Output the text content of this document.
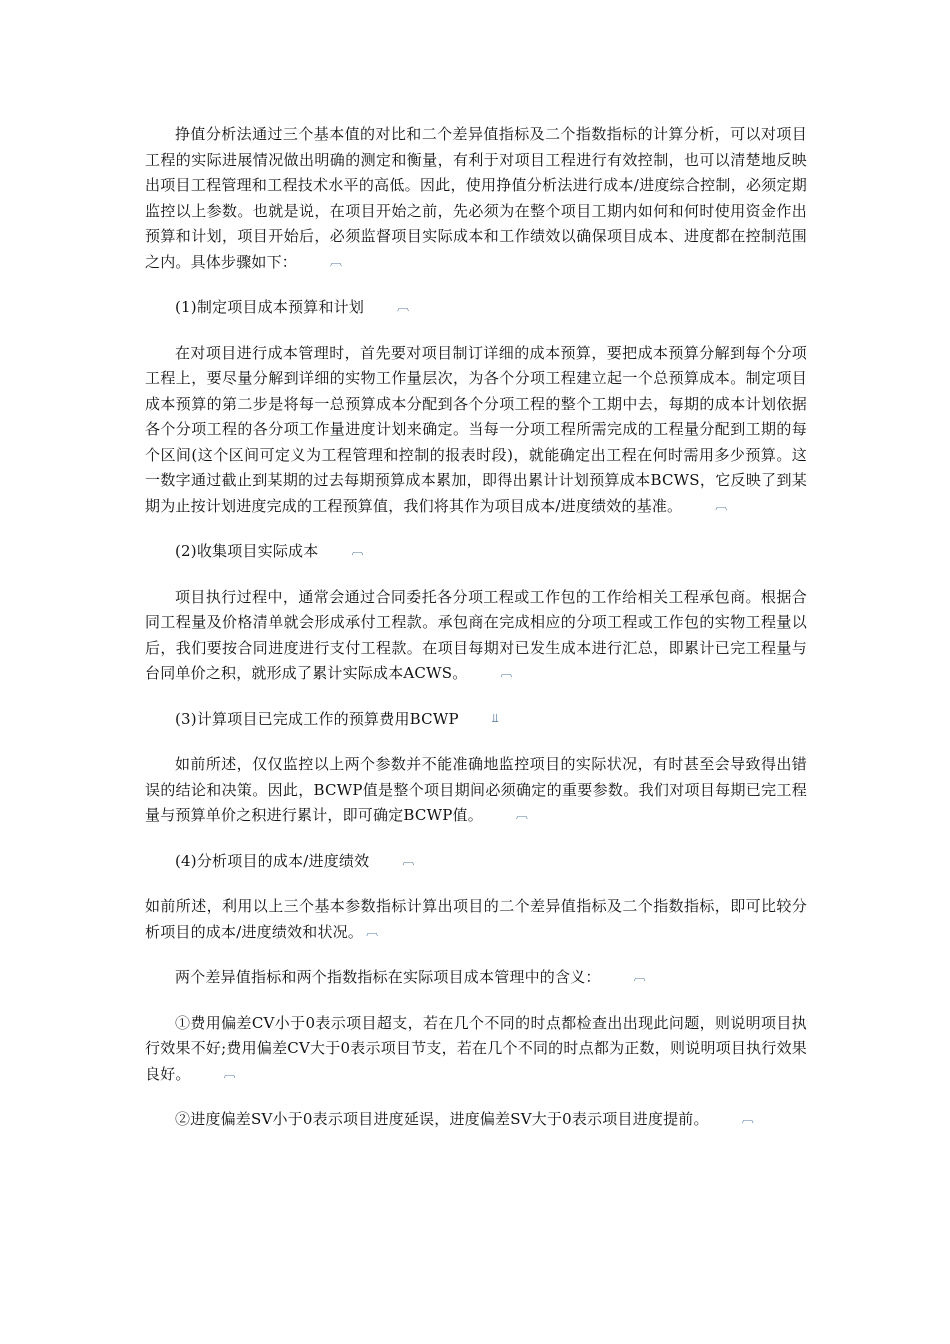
挣值分析法通过三个基本值的对比和二个差异值指标及二个指数指标的计算分析，可以对项目工程的实际进展情况做出明确的测定和衡量，有利于对项目工程进行有效控制，也可以清楚地反映出项目工程管理和工程技术水平的高低。因此，使用挣值分析法进行成本/进度综合控制，必须定期监控以上参数。也就是说，在项目开始之前，先必须为在整个项目工期内如何和何时使用资金作出预算和计划，项目开始后，必须监督项目实际成本和工作绩效以确保项目成本、进度都在控制范围之内。具体步骤如下：	︹

(1)制定项目成本预算和计划	︹

在对项目进行成本管理时，首先要对项目制订详细的成本预算，要把成本预算分解到每个分项工程上，要尽量分解到详细的实物工作量层次，为各个分项工程建立起一个总预算成本。制定项目成本预算的第二步是将每一总预算成本分配到各个分项工程的整个工期中去，每期的成本计划依据各个分项工程的各分项工作量进度计划来确定。当每一分项工程所需完成的工程量分配到工期的每个区间(这个区间可定义为工程管理和控制的报表时段)，就能确定出工程在何时需用多少预算。这一数字通过截止到某期的过去每期预算成本累加，即得出累计计划预算成本BCWS，它反映了到某期为止按计划进度完成的工程预算值，我们将其作为项目成本/进度绩效的基准。	︹

(2)收集项目实际成本	︹

项目执行过程中，通常会通过合同委托各分项工程或工作包的工作给相关工程承包商。根据合同工程量及价格清单就会形成承付工程款。承包商在完成相应的分项工程或工作包的实物工程量以后，我们要按合同进度进行支付工程款。在项目每期对已发生成本进行汇总，即累计已完工程量与台同单价之积，就形成了累计实际成本ACWS。	︹

(3)计算项目已完成工作的预算费用BCWP	⫫

如前所述，仅仅监控以上两个参数并不能准确地监控项目的实际状况，有时甚至会导致得出错误的结论和决策。因此，BCWP值是整个项目期间必须确定的重要参数。我们对项目每期已完工程量与预算单价之积进行累计，即可确定BCWP值。	︹

(4)分析项目的成本/进度绩效	︹

如前所述，利用以上三个基本参数指标计算出项目的二个差异值指标及二个指数指标，即可比较分析项目的成本/进度绩效和状况。 ︹

两个差异值指标和两个指数指标在实际项目成本管理中的含义：	︹

①费用偏差CV小于0表示项目超支，若在几个不同的时点都检查出出现此问题，则说明项目执行效果不好;费用偏差CV大于0表示项目节支，若在几个不同的时点都为正数，则说明项目执行效果良好。	︹

②进度偏差SV小于0表示项目进度延误，进度偏差SV大于0表示项目进度提前。	︹
